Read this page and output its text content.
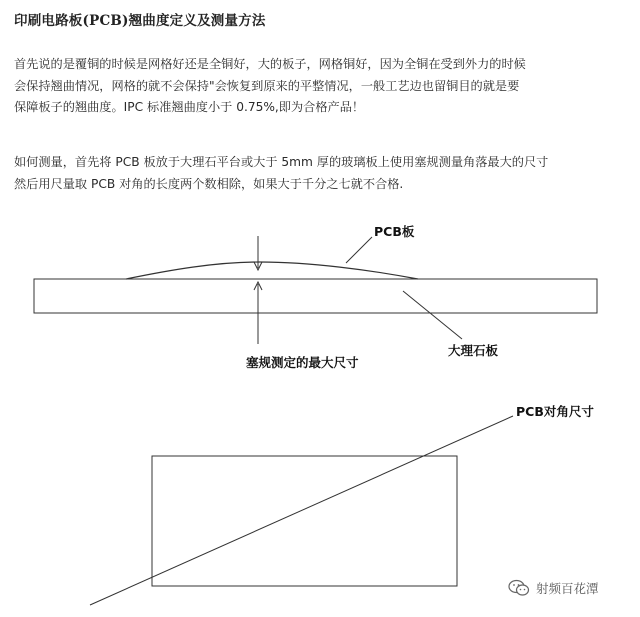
印刷电路板(PCB)翘曲度定义及测量方法
首先说的是覆铜的时候是网格好还是全铜好，大的板子，网格铜好，因为全铜在受到外力的时候
会保持翘曲情况，网格的就不会保持"会恢复到原来的平整情况，一般工艺边也留铜目的就是要
保障板子的翘曲度。IPC 标准翘曲度小于 0.75%,即为合格产品！
如何测量，首先将 PCB 板放于大理石平台或大于 5mm 厚的玻璃板上使用塞规测量角落最大的尺寸
然后用尺量取 PCB 对角的长度两个数相除，如果大于千分之七就不合格.
PCB板
大理石板
塞规测定的最大尺寸
PCB对角尺寸
射频百花潭
